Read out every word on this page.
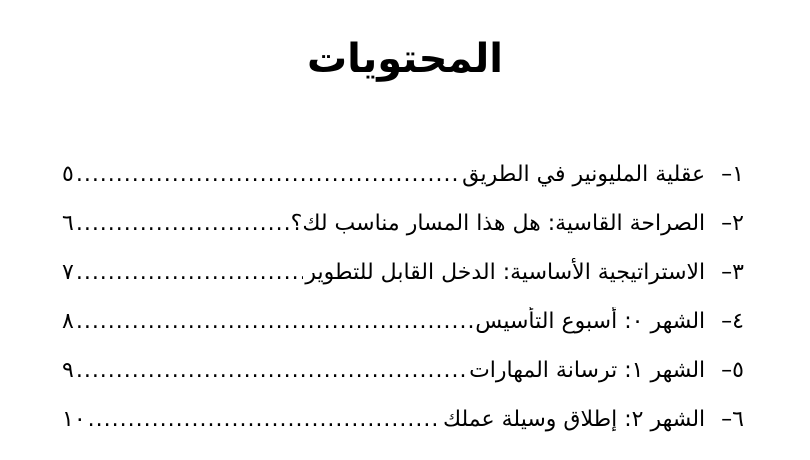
المحتويات
١–
عقلية المليونير في الطريق
.....
٥
٢–
الصراحة القاسية: هل هذا المسار مناسب لك؟
.....
٦
٣–
الاستراتيجية الأساسية: الدخل القابل للتطوير
.....
٧
٤–
الشهر ٠: أسبوع التأسيس
.....
٨
٥–
الشهر ١: ترسانة المهارات
.....
٩
٦–
الشهر ٢: إطلاق وسيلة عملك
.....
١٠
